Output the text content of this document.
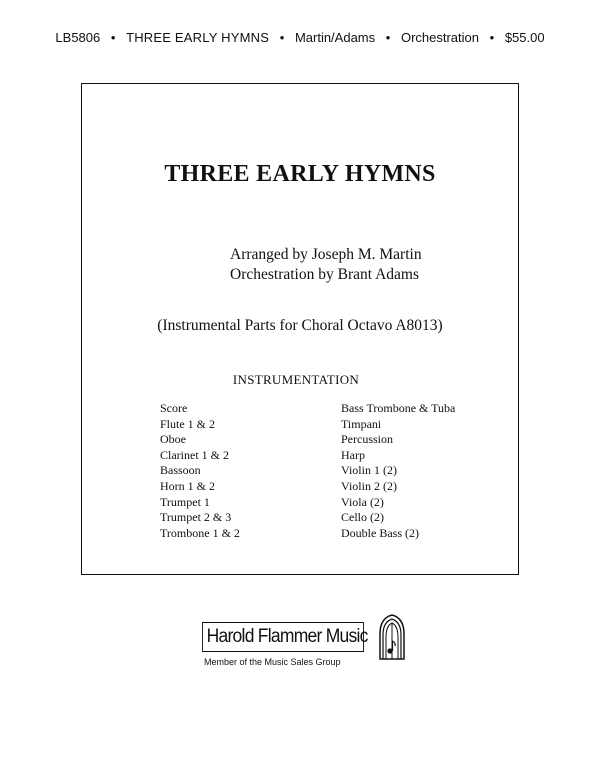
LB5806 • THREE EARLY HYMNS • Martin/Adams • Orchestration • $55.00
THREE EARLY HYMNS
Arranged by Joseph M. Martin
Orchestration by Brant Adams
(Instrumental Parts for Choral Octavo A8013)
INSTRUMENTATION
Score
Flute 1 & 2
Oboe
Clarinet 1 & 2
Bassoon
Horn 1 & 2
Trumpet 1
Trumpet 2 & 3
Trombone 1 & 2
Bass Trombone & Tuba
Timpani
Percussion
Harp
Violin 1 (2)
Violin 2 (2)
Viola (2)
Cello (2)
Double Bass (2)
Harold Flammer Music
Member of the Music Sales Group
